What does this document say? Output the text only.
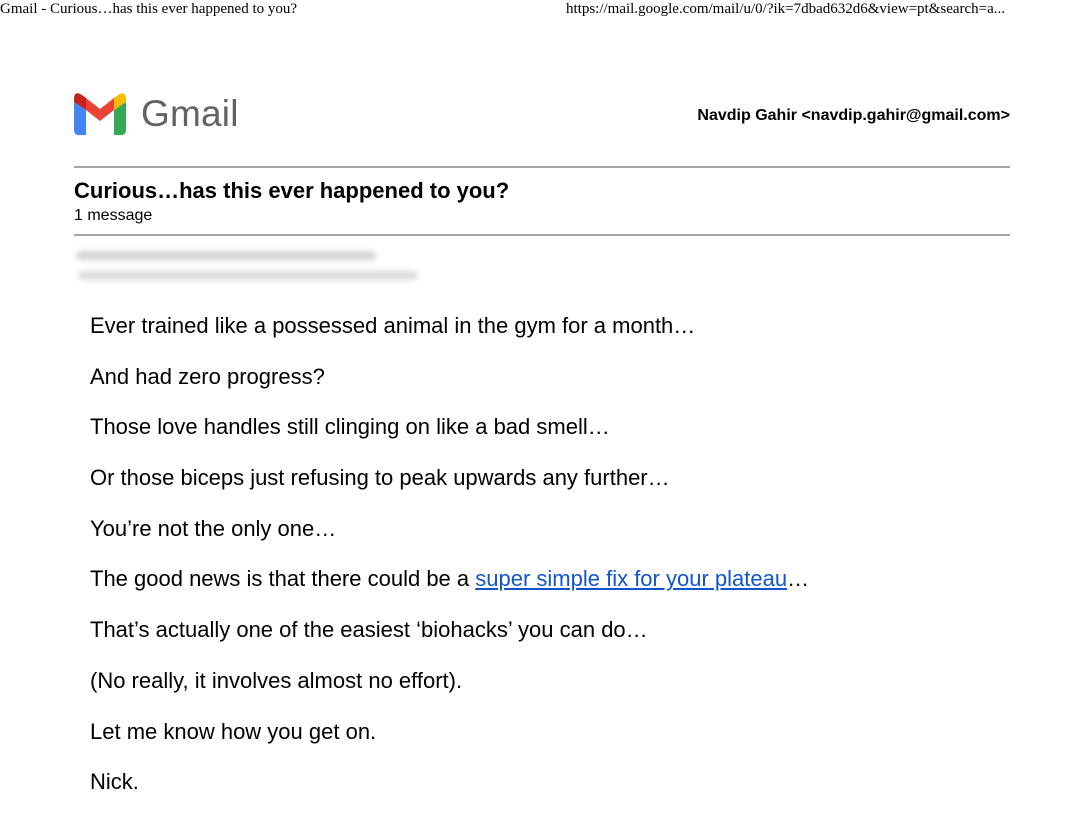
Gmail - Curious…has this ever happened to you?	https://mail.google.com/mail/u/0/?ik=7dbad632d6&view=pt&search=a...
Gmail	Navdip Gahir <navdip.gahir@gmail.com>
Curious…has this ever happened to you?
1 message

Ever trained like a possessed animal in the gym for a month…

And had zero progress?

Those love handles still clinging on like a bad smell…

Or those biceps just refusing to peak upwards any further…

You’re not the only one…

The good news is that there could be a super simple fix for your plateau…

That’s actually one of the easiest ‘biohacks’ you can do…

(No really, it involves almost no effort).

Let me know how you get on.

Nick.
